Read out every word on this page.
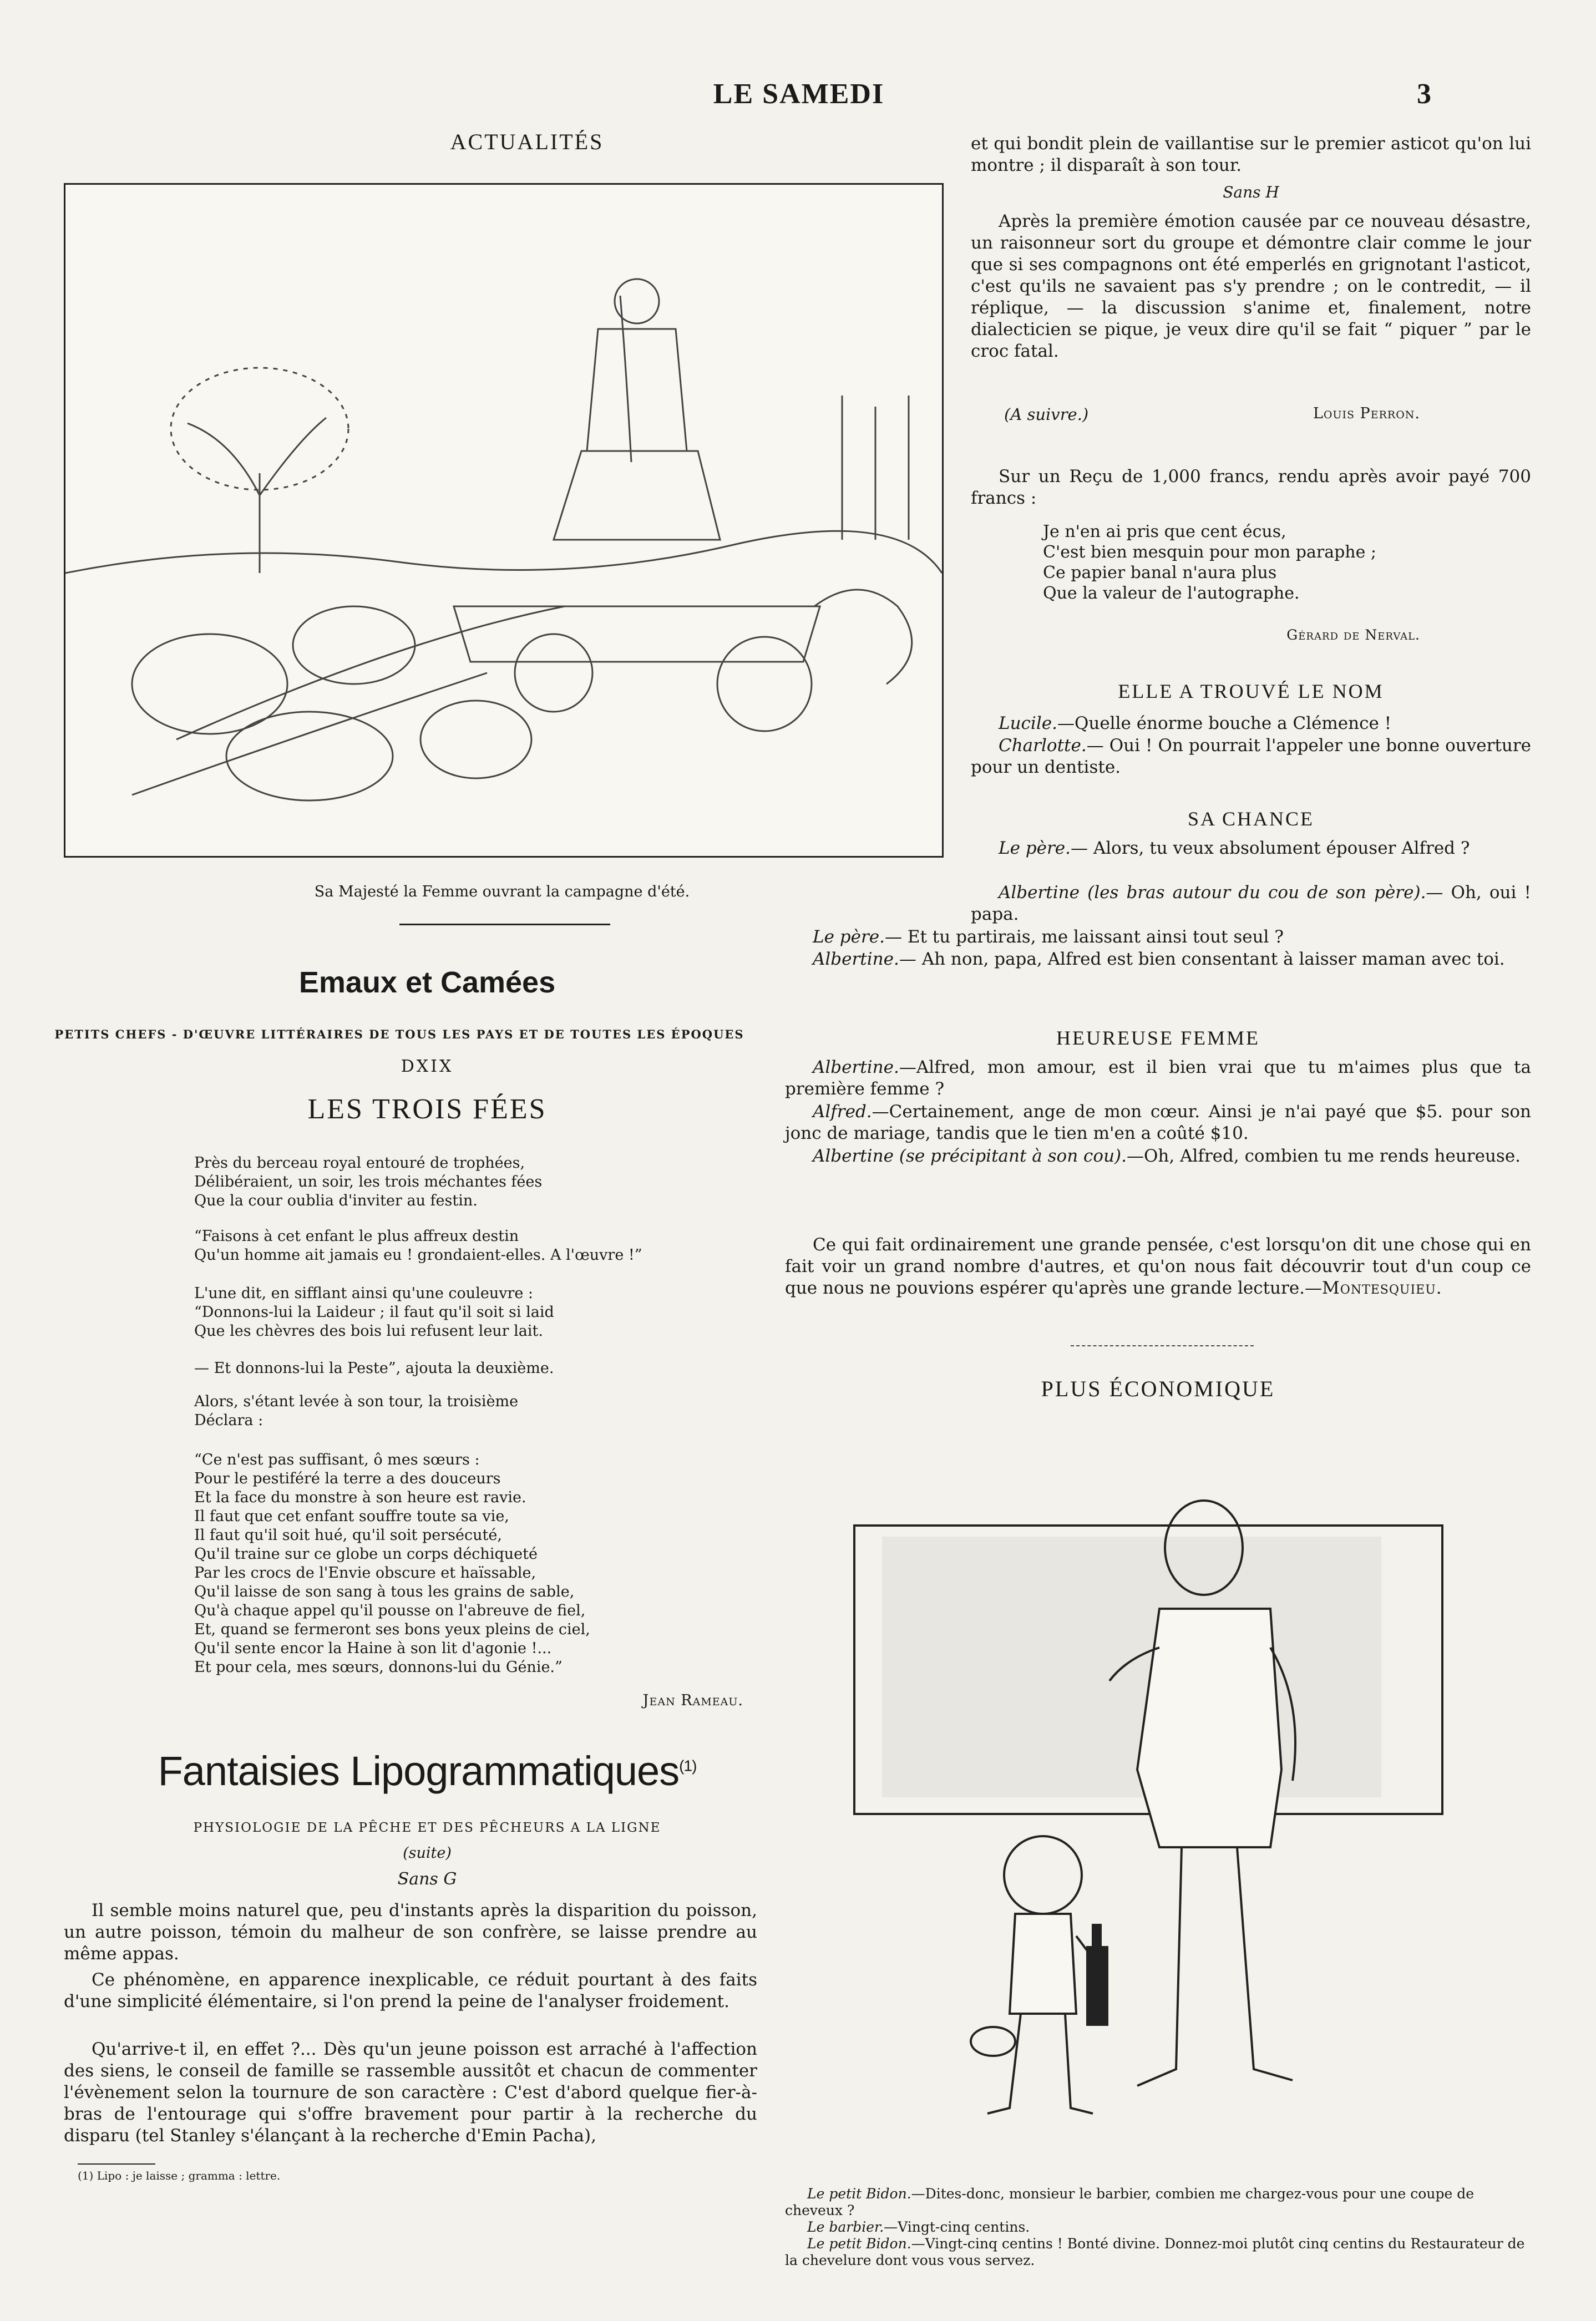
LE SAMEDI	3
ACTUALITÉS
Sa Majesté la Femme ouvrant la campagne d'été.
Emaux et Camées
PETITS CHEFS - D'ŒUVRE LITTÉRAIRES DE TOUS LES PAYS ET DE TOUTES LES ÉPOQUES
DXIX
LES TROIS FÉES
Près du berceau royal entouré de trophées,
Délibéraient, un soir, les trois méchantes fées
Que la cour oublia d'inviter au festin.
“Faisons à cet enfant le plus affreux destin
Qu'un homme ait jamais eu ! grondaient-elles. A l'œuvre !”
L'une dit, en sifflant ainsi qu'une couleuvre :
“Donnons-lui la Laideur ; il faut qu'il soit si laid
Que les chèvres des bois lui refusent leur lait.
— Et donnons-lui la Peste”, ajouta la deuxième.
Alors, s'étant levée à son tour, la troisième
Déclara :
“Ce n'est pas suffisant, ô mes sœurs :
Pour le pestiféré la terre a des douceurs
Et la face du monstre à son heure est ravie.
Il faut que cet enfant souffre toute sa vie,
Il faut qu'il soit hué, qu'il soit persécuté,
Qu'il traine sur ce globe un corps déchiqueté
Par les crocs de l'Envie obscure et haïssable,
Qu'il laisse de son sang à tous les grains de sable,
Qu'à chaque appel qu'il pousse on l'abreuve de fiel,
Et, quand se fermeront ses bons yeux pleins de ciel,
Qu'il sente encor la Haine à son lit d'agonie !...
Et pour cela, mes sœurs, donnons-lui du Génie.”
Jean Rameau.
Fantaisies Lipogrammatiques$^{(1)}$
PHYSIOLOGIE DE LA PÊCHE ET DES PÊCHEURS A LA LIGNE
(suite)
Sans G
Il semble moins naturel que, peu d'instants après la disparition du poisson, un autre poisson, témoin du malheur de son confrère, se laisse prendre au même appas.
Ce phénomène, en apparence inexplicable, ce réduit pourtant à des faits d'une simplicité élémentaire, si l'on prend la peine de l'analyser froidement.
Qu'arrive-t il, en effet ?... Dès qu'un jeune poisson est arraché à l'affection des siens, le conseil de famille se rassemble aussitôt et chacun de commenter l'évènement selon la tournure de son caractère : C'est d'abord quelque fier-à-bras de l'entourage qui s'offre bravement pour partir à la recherche du disparu (tel Stanley s'élançant à la recherche d'Emin Pacha),
(1) Lipo : je laisse ; gramma : lettre.
et qui bondit plein de vaillantise sur le premier asticot qu'on lui montre ; il disparaît à son tour.
Sans H
Après la première émotion causée par ce nouveau désastre, un raisonneur sort du groupe et démontre clair comme le jour que si ses compagnons ont été emperlés en grignotant l'asticot, c'est qu'ils ne savaient pas s'y prendre ; on le contredit, — il réplique, — la discussion s'anime et, finalement, notre dialecticien se pique, je veux dire qu'il se fait “ piquer ” par le croc fatal.
(A suivre.)	Louis Perron.
Sur un Reçu de 1,000 francs, rendu après avoir payé 700 francs :
Je n'en ai pris que cent écus,
C'est bien mesquin pour mon paraphe ;
Ce papier banal n'aura plus
Que la valeur de l'autographe.
Gérard de Nerval.
ELLE A TROUVÉ LE NOM
Lucile.—Quelle énorme bouche a Clémence !
Charlotte.— Oui ! On pourrait l'appeler une bonne ouverture pour un dentiste.
SA CHANCE
Le père.— Alors, tu veux absolument épouser Alfred ?
Albertine (les bras autour du cou de son père).— Oh, oui ! papa.
Le père.— Et tu partirais, me laissant ainsi tout seul ?
Albertine.— Ah non, papa, Alfred est bien consentant à laisser maman avec toi.
HEUREUSE FEMME
Albertine.—Alfred, mon amour, est il bien vrai que tu m'aimes plus que ta première femme ?
Alfred.—Certainement, ange de mon cœur. Ainsi je n'ai payé que $5. pour son jonc de mariage, tandis que le tien m'en a coûté $10.
Albertine (se précipitant à son cou).—Oh, Alfred, combien tu me rends heureuse.
Ce qui fait ordinairement une grande pensée, c'est lorsqu'on dit une chose qui en fait voir un grand nombre d'autres, et qu'on nous fait découvrir tout d'un coup ce que nous ne pouvions espérer qu'après une grande lecture.—Montesquieu.
PLUS ÉCONOMIQUE
Le petit Bidon.—Dites-donc, monsieur le barbier, combien me chargez-vous pour une coupe de cheveux ?
Le barbier.—Vingt-cinq centins.
Le petit Bidon.—Vingt-cinq centins ! Bonté divine. Donnez-moi plutôt cinq centins du Restaurateur de la chevelure dont vous vous servez.
